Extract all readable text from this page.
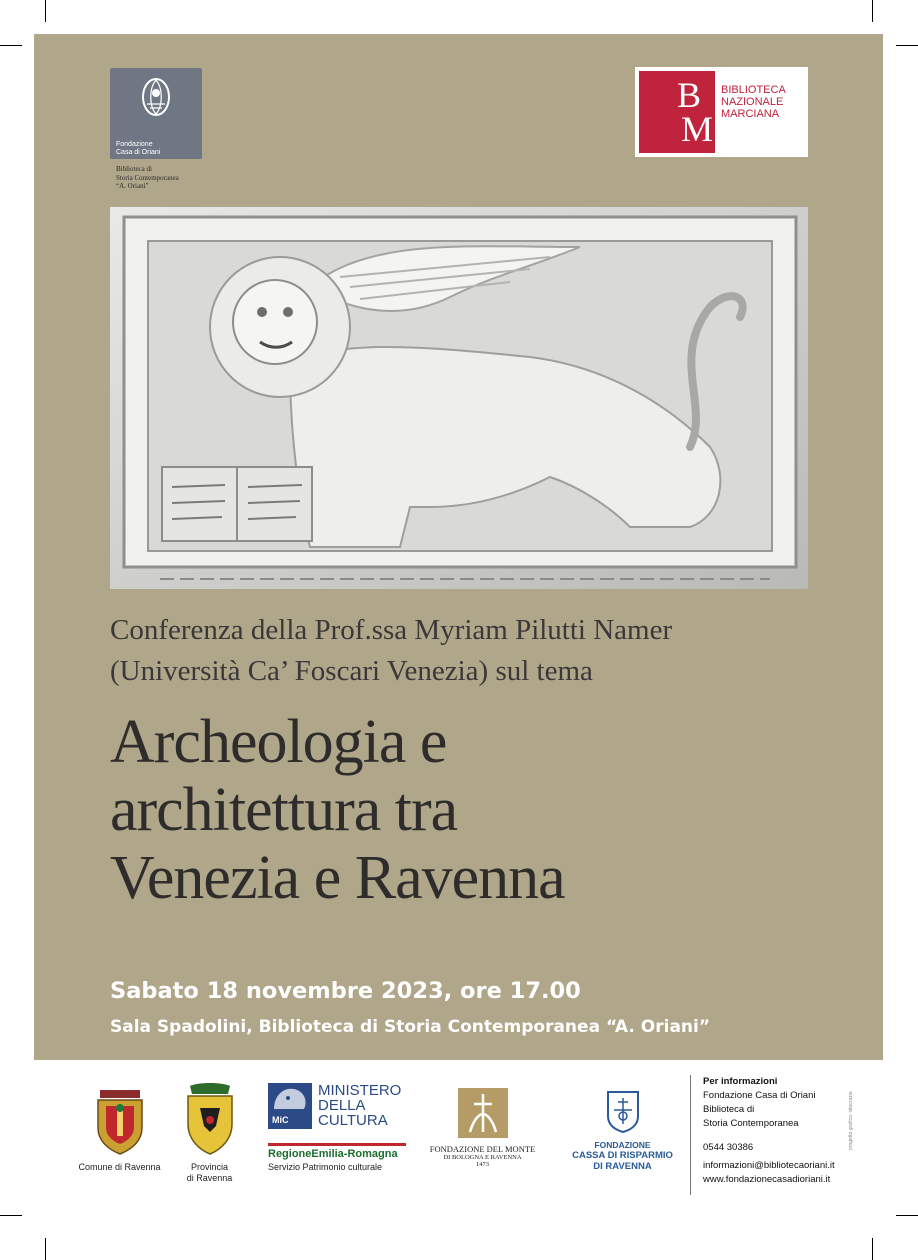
Fondazione
Casa di Oriani
Biblioteca di
Storia Contemporanea
“A. Oriani”
B
M
BIBLIOTECA
NAZIONALE
MARCIANA
Conferenza della Prof.ssa Myriam Pilutti Namer
(Università Ca’ Foscari Venezia) sul tema
Archeologia e
architettura tra
Venezia e Ravenna
Sabato 18 novembre 2023, ore 17.00
Sala Spadolini, Biblioteca di Storia Contemporanea “A. Oriani”
Comune di Ravenna	Provincia
di Ravenna
MiC
MINISTERO
DELLA
CULTURA
RegioneEmilia-Romagna
Servizio Patrimonio culturale
FONDAZIONE DEL MONTE
DI BOLOGNA E RAVENNA
1473
FONDAZIONE
CASSA DI RISPARMIO
DI RAVENNA
Per informazioni
Fondazione Casa di Oriani
Biblioteca di
Storia Contemporanea
0544 30386
informazioni@bibliotecaoriani.it
www.fondazionecasadioriani.it
progetto grafico: istocrazia
